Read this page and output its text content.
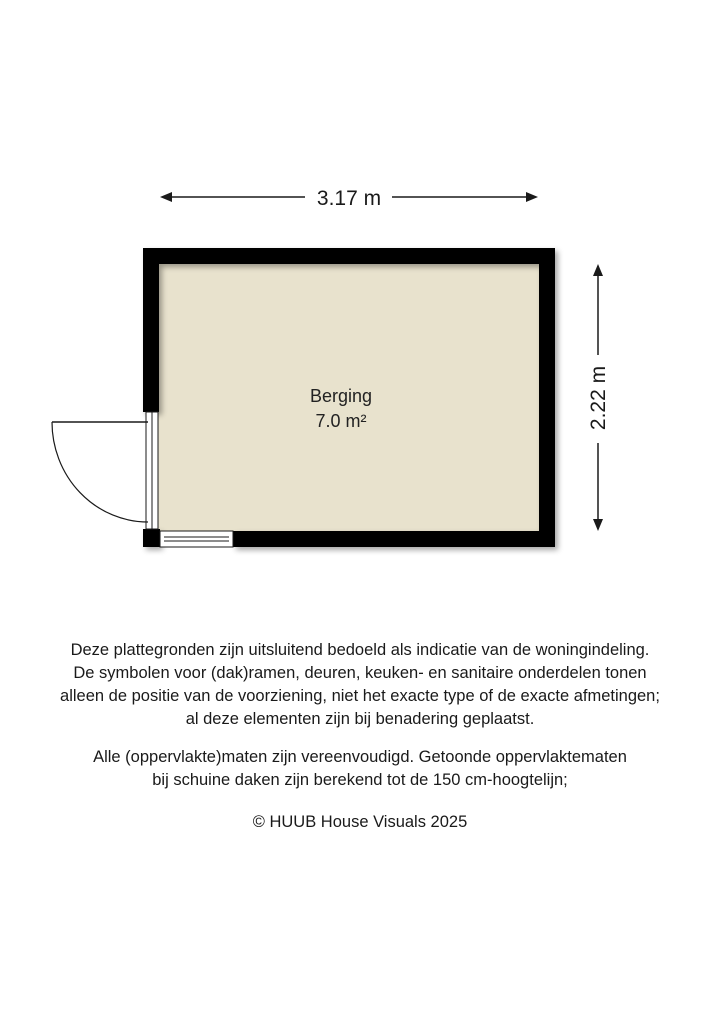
3.17 m
2.22 m
Berging
7.0 m²
Deze plattegronden zijn uitsluitend bedoeld als indicatie van de woningindeling.
De symbolen voor (dak)ramen, deuren, keuken- en sanitaire onderdelen tonen
alleen de positie van de voorziening, niet het exacte type of de exacte afmetingen;
al deze elementen zijn bij benadering geplaatst.
Alle (oppervlakte)maten zijn vereenvoudigd. Getoonde oppervlaktematen
bij schuine daken zijn berekend tot de 150 cm-hoogtelijn;
© HUUB House Visuals 2025
